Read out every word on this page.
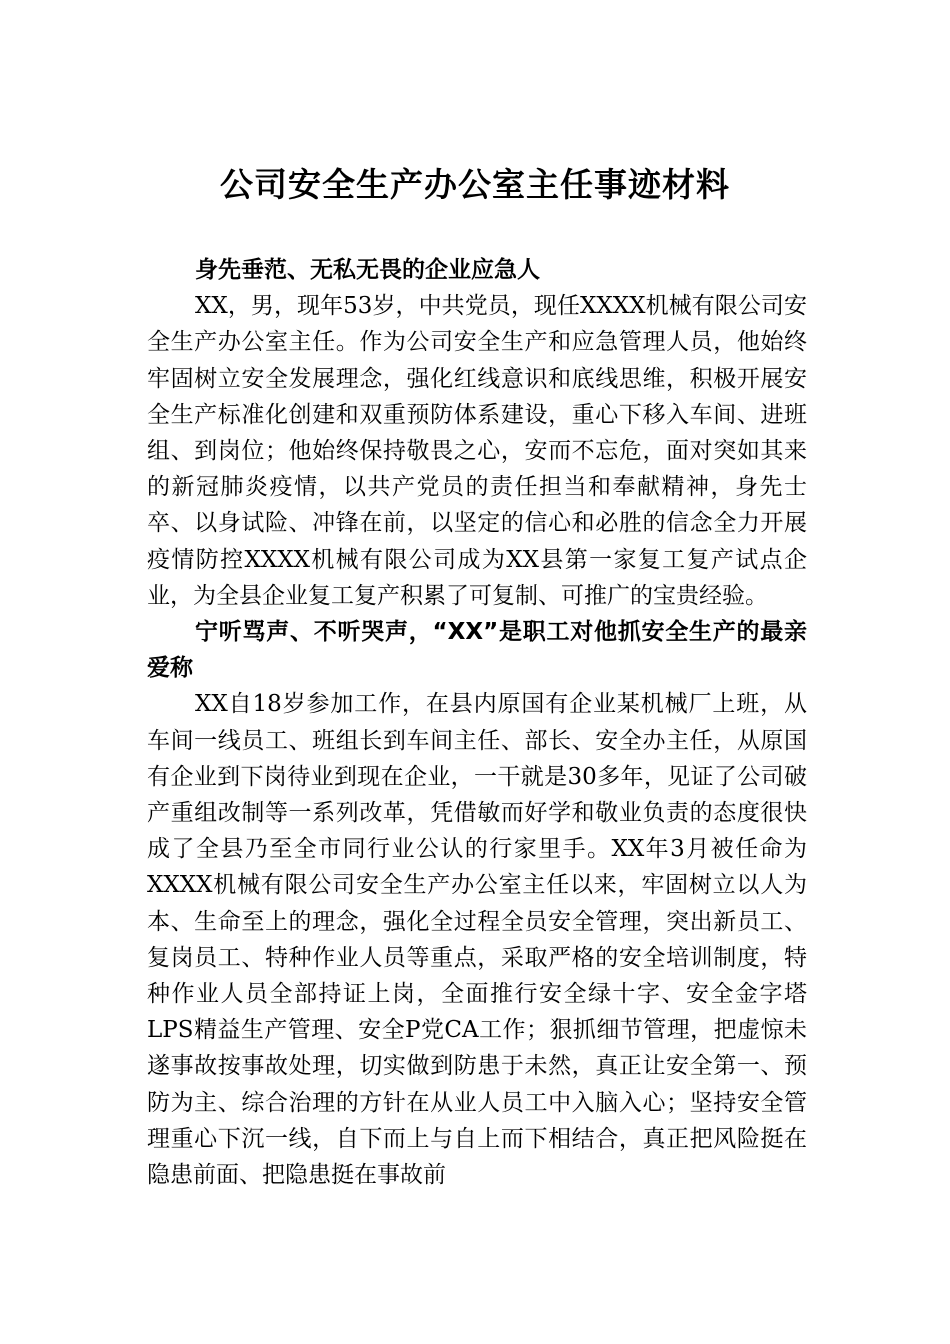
公司安全生产办公室主任事迹材料

身先垂范、无私无畏的企业应急人

XX，男，现年53岁，中共党员，现任XXXX机械有限公司安全生产办公室主任。作为公司安全生产和应急管理人员，他始终牢固树立安全发展理念，强化红线意识和底线思维，积极开展安全生产标准化创建和双重预防体系建设，重心下移入车间、进班组、到岗位；他始终保持敬畏之心，安而不忘危，面对突如其来的新冠肺炎疫情，以共产党员的责任担当和奉献精神，身先士卒、以身试险、冲锋在前，以坚定的信心和必胜的信念全力开展疫情防控XXXX机械有限公司成为XX县第一家复工复产试点企业，为全县企业复工复产积累了可复制、可推广的宝贵经验。

宁听骂声、不听哭声，“XX”是职工对他抓安全生产的最亲爱称

XX自18岁参加工作，在县内原国有企业某机械厂上班，从车间一线员工、班组长到车间主任、部长、安全办主任，从原国有企业到下岗待业到现在企业，一干就是30多年，见证了公司破产重组改制等一系列改革，凭借敏而好学和敬业负责的态度很快成了全县乃至全市同行业公认的行家里手。XX年3月被任命为XXXX机械有限公司安全生产办公室主任以来，牢固树立以人为本、生命至上的理念，强化全过程全员安全管理，突出新员工、复岗员工、特种作业人员等重点，采取严格的安全培训制度，特种作业人员全部持证上岗，全面推行安全绿十字、安全金字塔LPS精益生产管理、安全P党CA工作；狠抓细节管理，把虚惊未遂事故按事故处理，切实做到防患于未然，真正让安全第一、预防为主、综合治理的方针在从业人员工中入脑入心；坚持安全管理重心下沉一线，自下而上与自上而下相结合，真正把风险挺在隐患前面、把隐患挺在事故前
